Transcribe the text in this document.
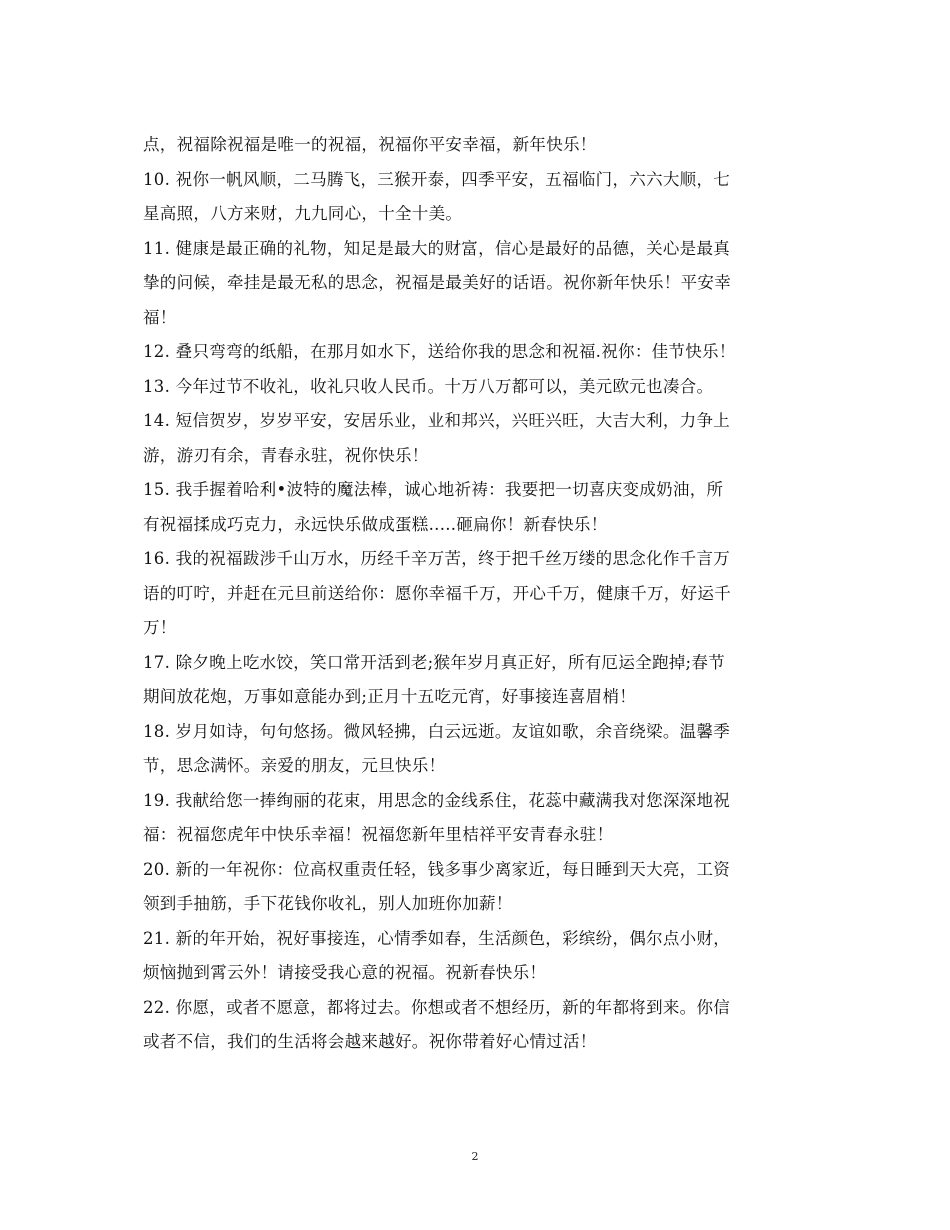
点，祝福除祝福是唯一的祝福，祝福你平安幸福，新年快乐！
10. 祝你一帆风顺，二马腾飞，三猴开泰，四季平安，五福临门，六六大顺，七
星高照，八方来财，九九同心，十全十美。
11. 健康是最正确的礼物，知足是最大的财富，信心是最好的品德，关心是最真
挚的问候，牵挂是最无私的思念，祝福是最美好的话语。祝你新年快乐！平安幸
福！
12. 叠只弯弯的纸船，在那月如水下，送给你我的思念和祝福.祝你：佳节快乐！
13. 今年过节不收礼，收礼只收人民币。十万八万都可以，美元欧元也凑合。
14. 短信贺岁，岁岁平安，安居乐业，业和邦兴，兴旺兴旺，大吉大利，力争上
游，游刃有余，青春永驻，祝你快乐！
15. 我手握着哈利•波特的魔法棒，诚心地祈祷：我要把一切喜庆变成奶油，所
有祝福揉成巧克力，永远快乐做成蛋糕.....砸扁你！新春快乐！
16. 我的祝福跋涉千山万水，历经千辛万苦，终于把千丝万缕的思念化作千言万
语的叮咛，并赶在元旦前送给你：愿你幸福千万，开心千万，健康千万，好运千
万！
17. 除夕晚上吃水饺，笑口常开活到老;猴年岁月真正好，所有厄运全跑掉;春节
期间放花炮，万事如意能办到;正月十五吃元宵，好事接连喜眉梢！
18. 岁月如诗，句句悠扬。微风轻拂，白云远逝。友谊如歌，余音绕梁。温馨季
节，思念满怀。亲爱的朋友，元旦快乐！
19. 我献给您一捧绚丽的花束，用思念的金线系住，花蕊中藏满我对您深深地祝
福：祝福您虎年中快乐幸福！祝福您新年里桔祥平安青春永驻！
20. 新的一年祝你：位高权重责任轻，钱多事少离家近，每日睡到天大亮，工资
领到手抽筋，手下花钱你收礼，别人加班你加薪！
21. 新的年开始，祝好事接连，心情季如春，生活颜色，彩缤纷，偶尔点小财，
烦恼抛到霄云外！请接受我心意的祝福。祝新春快乐！
22. 你愿，或者不愿意，都将过去。你想或者不想经历，新的年都将到来。你信
或者不信，我们的生活将会越来越好。祝你带着好心情过活！
2
